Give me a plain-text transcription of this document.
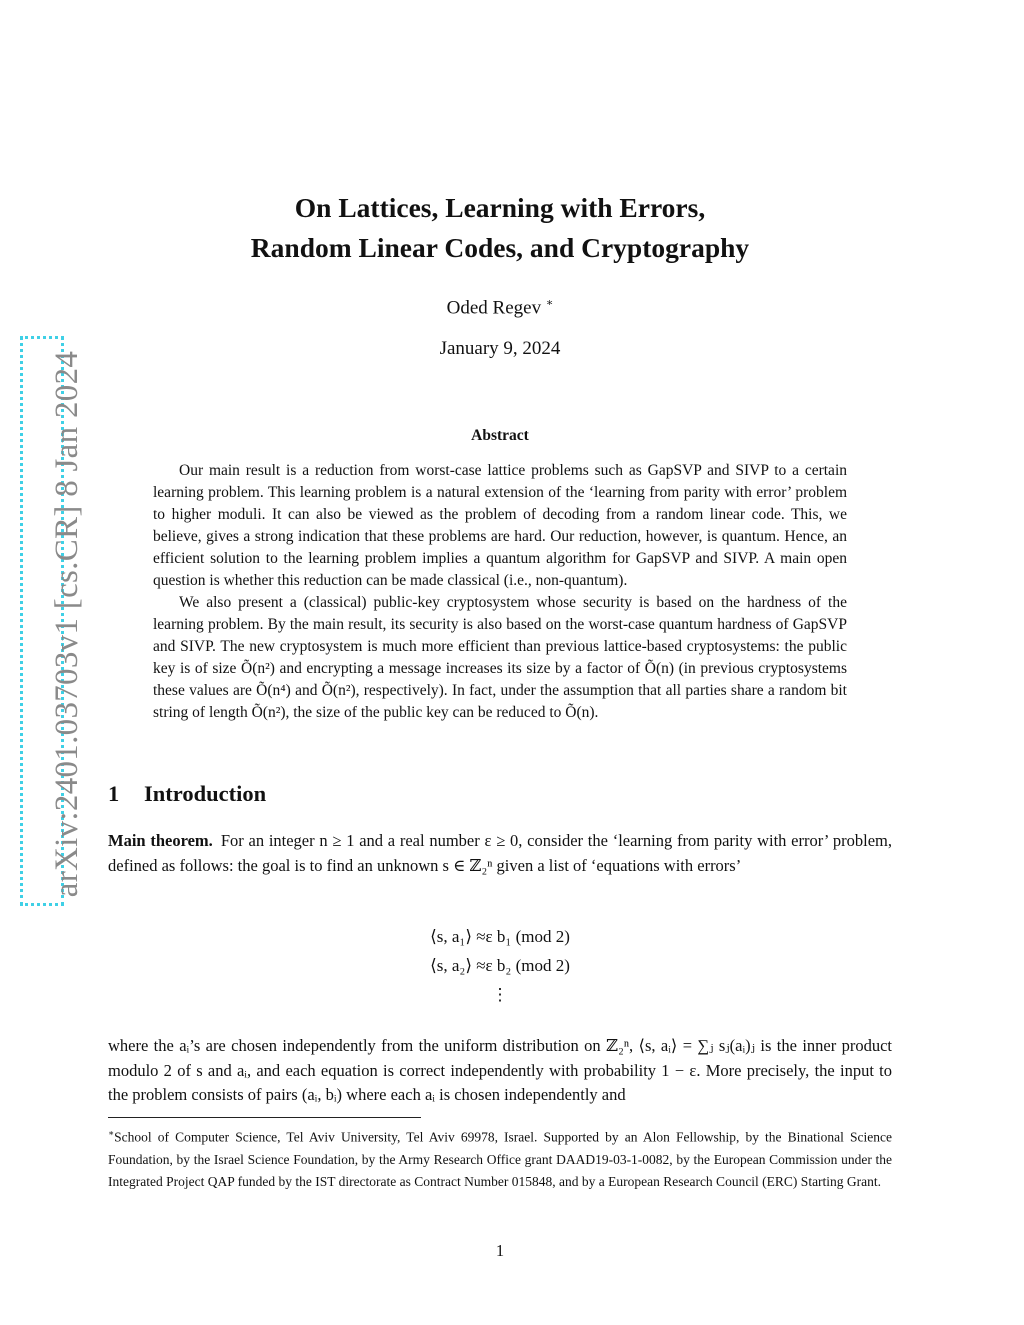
arXiv:2401.03703v1 [cs.CR] 8 Jan 2024
On Lattices, Learning with Errors,
Random Linear Codes, and Cryptography
Oded Regev ∗
January 9, 2024
Abstract

Our main result is a reduction from worst-case lattice problems such as GapSVP and SIVP to a certain learning problem. This learning problem is a natural extension of the ‘learning from parity with error’ problem to higher moduli. It can also be viewed as the problem of decoding from a random linear code. This, we believe, gives a strong indication that these problems are hard. Our reduction, however, is quantum. Hence, an efficient solution to the learning problem implies a quantum algorithm for GapSVP and SIVP. A main open question is whether this reduction can be made classical (i.e., non-quantum).

We also present a (classical) public-key cryptosystem whose security is based on the hardness of the learning problem. By the main result, its security is also based on the worst-case quantum hardness of GapSVP and SIVP. The new cryptosystem is much more efficient than previous lattice-based cryptosystems: the public key is of size Õ(n²) and encrypting a message increases its size by a factor of Õ(n) (in previous cryptosystems these values are Õ(n⁴) and Õ(n²), respectively). In fact, under the assumption that all parties share a random bit string of length Õ(n²), the size of the public key can be reduced to Õ(n).

1 Introduction

Main theorem. For an integer n ≥ 1 and a real number ε ≥ 0, consider the ‘learning from parity with error’ problem, defined as follows: the goal is to find an unknown s ∈ ℤ₂ⁿ given a list of ‘equations with errors’

⟨s, a₁⟩ ≈ε b₁ (mod 2)
⟨s, a₂⟩ ≈ε b₂ (mod 2)
⋮

where the aᵢ’s are chosen independently from the uniform distribution on ℤ₂ⁿ, ⟨s, aᵢ⟩ = ∑ⱼ sⱼ(aᵢ)ⱼ is the inner product modulo 2 of s and aᵢ, and each equation is correct independently with probability 1 − ε. More precisely, the input to the problem consists of pairs (aᵢ, bᵢ) where each aᵢ is chosen independently and

∗School of Computer Science, Tel Aviv University, Tel Aviv 69978, Israel. Supported by an Alon Fellowship, by the Binational Science Foundation, by the Israel Science Foundation, by the Army Research Office grant DAAD19-03-1-0082, by the European Commission under the Integrated Project QAP funded by the IST directorate as Contract Number 015848, and by a European Research Council (ERC) Starting Grant.
1
